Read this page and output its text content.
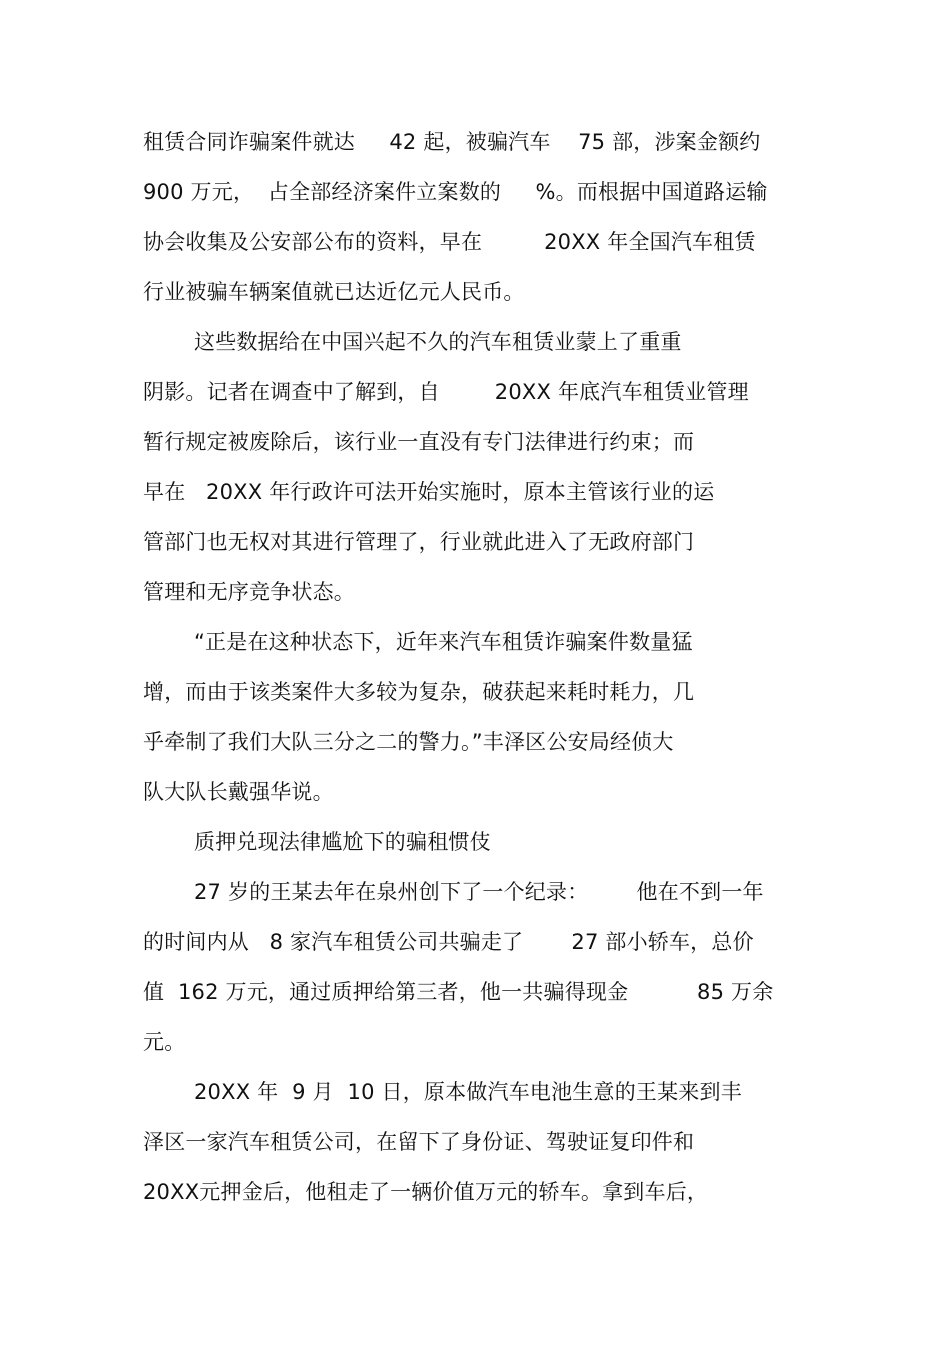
租赁合同诈骗案件就达     42 起，被骗汽车    75 部，涉案金额约
900 万元，  占全部经济案件立案数的     %。而根据中国道路运输
协会收集及公安部公布的资料，早在         20XX 年全国汽车租赁
行业被骗车辆案值就已达近亿元人民币。
这些数据给在中国兴起不久的汽车租赁业蒙上了重重
阴影。记者在调查中了解到，自        20XX 年底汽车租赁业管理
暂行规定被废除后，该行业一直没有专门法律进行约束；而
早在   20XX 年行政许可法开始实施时，原本主管该行业的运
管部门也无权对其进行管理了，行业就此进入了无政府部门
管理和无序竞争状态。
“正是在这种状态下，近年来汽车租赁诈骗案件数量猛
增，而由于该类案件大多较为复杂，破获起来耗时耗力，几
乎牵制了我们大队三分之二的警力。”丰泽区公安局经侦大
队大队长戴强华说。
质押兑现法律尴尬下的骗租惯伎
27 岁的王某去年在泉州创下了一个纪录：       他在不到一年
的时间内从   8 家汽车租赁公司共骗走了       27 部小轿车，总价
值  162 万元，通过质押给第三者，他一共骗得现金          85 万余
元。
20XX 年  9 月  10 日，原本做汽车电池生意的王某来到丰
泽区一家汽车租赁公司，在留下了身份证、驾驶证复印件和
20XX元押金后，他租走了一辆价值万元的轿车。拿到车后，
